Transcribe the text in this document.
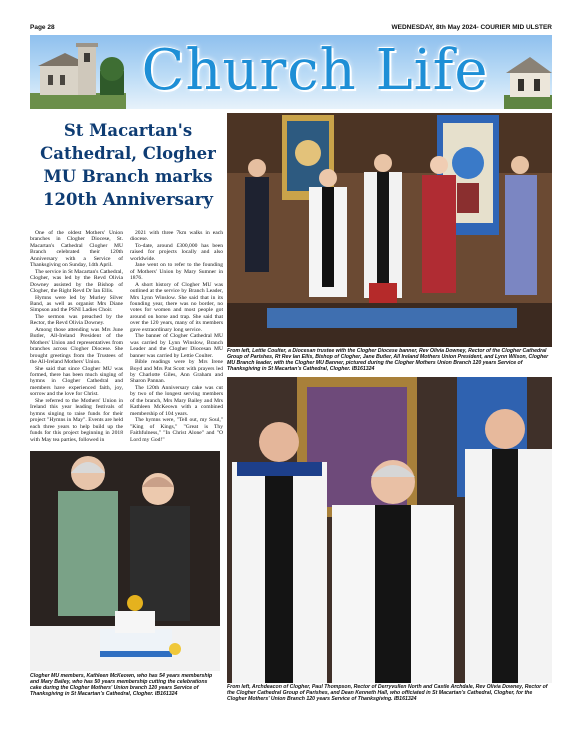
Page 28	WEDNESDAY, 8th May 2024- COURIER MID ULSTER
Church Life
St Macartan's Cathedral, Clogher MU Branch marks 120th Anniversary

One of the oldest Mothers' Union branches in Clogher Diocese, St. Macartan's Cathedral Clogher MU Branch celebrated their 120th Anniversary with a Service of Thanksgiving on Sunday, 14th April.

The service in St Macartan's Cathedral, Clogher, was led by the Revd Olivia Downey assisted by the Bishop of Clogher, the Right Revd Dr Ian Ellis.

Hymns were led by Murley Silver Band, as well as organist Mrs Diane Simpson and the PSNI Ladies Choir.

The sermon was preached by the Rector, the Revd Olivia Downey.

Among those attending was Mrs June Butler, All-Ireland President of the Mothers' Union and representatives from branches across Clogher Diocese. She brought greetings from the Trustees of the All-Ireland Mothers' Union.

She said that since Clogher MU was formed, there has been much singing of hymns in Clogher Cathedral and members have experienced faith, joy, sorrow and the love for Christ.

She referred to the Mothers' Union in Ireland this year leading festivals of hymns singing to raise funds for their project "Hymns in May". Events are held each three years to help build up the funds for this project beginning in 2018 with May tea parties, followed in

2021 with three 7km walks in each diocese.

To-date, around £300,000 has been raised for projects locally and also worldwide.

Jane went on to refer to the founding of Mothers' Union by Mary Sumner in 1876.

A short history of Clogher MU was outlined at the service by Branch Leader, Mrs Lynn Winslow. She said that in its founding year, there was no border, no votes for women and most people got around on horse and trap. She said that over the 120 years, many of its members gave extraordinary long service.

The banner of Clogher Cathedral MU was carried by Lynn Winslow, Branch Leader and the Clogher Diocesan MU banner was carried by Lettie Coulter.

Bible readings were by Mrs Irene Boyd and Mrs Pat Scott with prayers led by Charlotte Giles, Ann Graham and Sharon Pannan.

The 120th Anniversary cake was cut by two of the longest serving members of the branch, Mrs Mary Bailey and Mrs Kathleen McKeown with a combined membership of 104 years.

The hymns were, "Tell out, my Soul," "King of Kings," "Great is Thy Faithfulness," "In Christ Alone" and "O Lord my God!"

From left, Lettie Coulter, a Diocesan trustee with the Clogher Diocese banner, Rev Olivia Downey, Rector of the Clogher Cathedral Group of Parishes, Rt Rev Ian Ellis, Bishop of Clogher, Jane Butler, All Ireland Mothers Union President, and Lynn Wilson, Clogher MU Branch leader, with the Clogher MU Banner, pictured during the Clogher Mothers Union Branch 120 years Service of Thanksgiving in St Macartan's Cathedral, Clogher. IB161324
Clogher MU members, Kathleen McKeown, who has 54 years membership and Mary Bailey, who has 50 years membership cutting the celebrations cake during the Clogher Mothers' Union branch 120 years Service of Thanksgiving in St Macartan's Cathedral, Clogher. IB161324
From left, Archdeacon of Clogher, Paul Thompson, Rector of Derryvullen North and Castle Archdale, Rev Olivia Downey, Rector of the Clogher Cathedral Group of Parishes, and Dean Kenneth Hall, who officiated in St Macartan's Cathedral, Clogher, for the Clogher Mothers' Union Branch 120 years Service of Thanksgiving. IB161324
